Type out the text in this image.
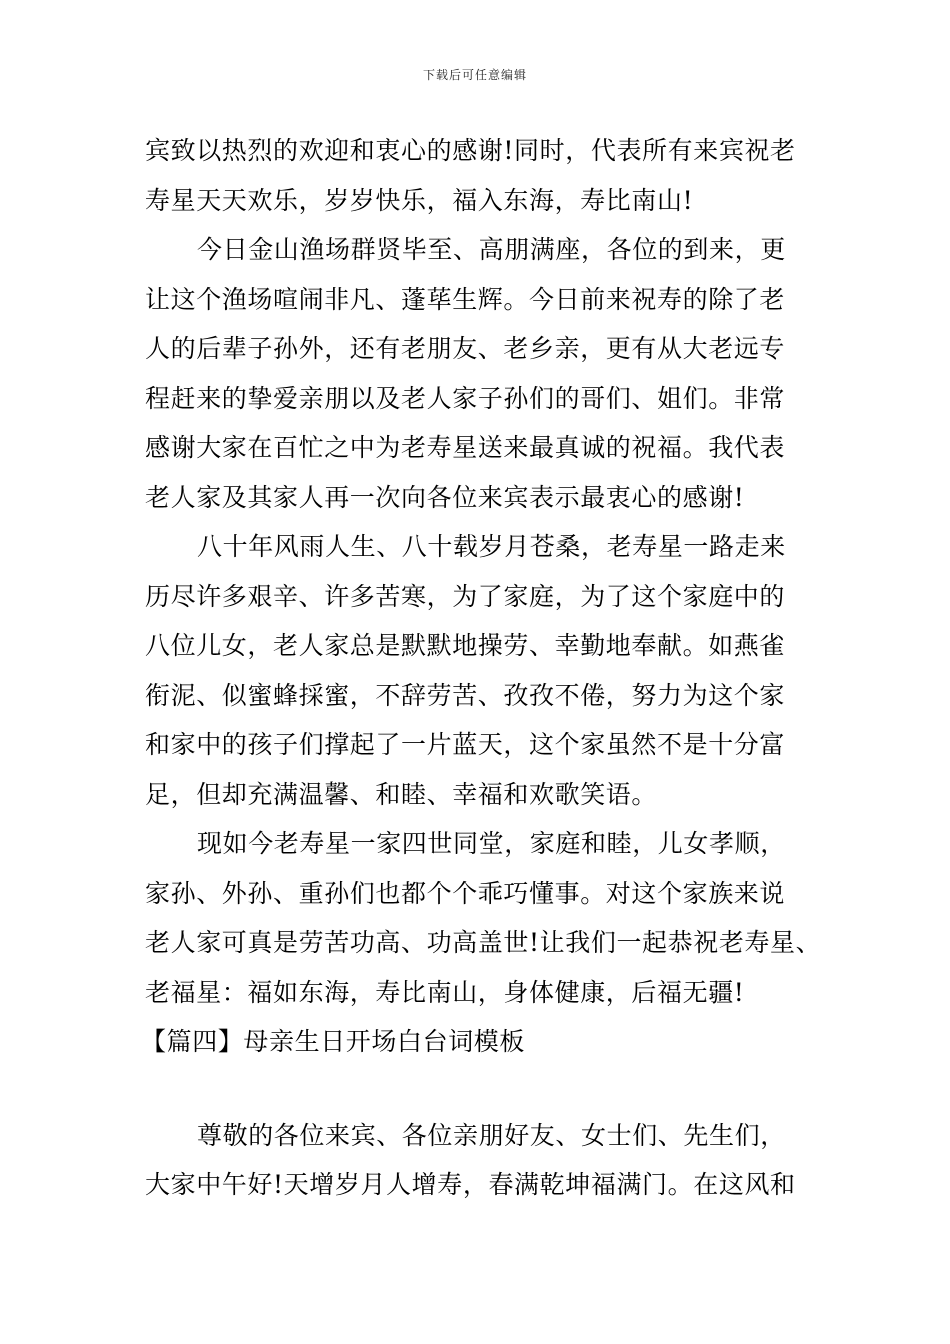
下载后可任意编辑
宾致以热烈的欢迎和衷心的感谢!同时，代表所有来宾祝老
寿星天天欢乐，岁岁快乐，福入东海，寿比南山!
今日金山渔场群贤毕至、高朋满座，各位的到来，更
让这个渔场喧闹非凡、蓬荜生辉。今日前来祝寿的除了老
人的后辈子孙外，还有老朋友、老乡亲，更有从大老远专
程赶来的挚爱亲朋以及老人家子孙们的哥们、姐们。非常
感谢大家在百忙之中为老寿星送来最真诚的祝福。我代表
老人家及其家人再一次向各位来宾表示最衷心的感谢!
八十年风雨人生、八十载岁月苍桑，老寿星一路走来
历尽许多艰辛、许多苦寒，为了家庭，为了这个家庭中的
八位儿女，老人家总是默默地操劳、幸勤地奉献。如燕雀
衔泥、似蜜蜂採蜜，不辞劳苦、孜孜不倦，努力为这个家
和家中的孩子们撑起了一片蓝天，这个家虽然不是十分富
足，但却充满温馨、和睦、幸福和欢歌笑语。
现如今老寿星一家四世同堂，家庭和睦，儿女孝顺，
家孙、外孙、重孙们也都个个乖巧懂事。对这个家族来说
老人家可真是劳苦功高、功高盖世!让我们一起恭祝老寿星、
老福星：福如东海，寿比南山，身体健康，后福无疆!
【篇四】母亲生日开场白台词模板
尊敬的各位来宾、各位亲朋好友、女士们、先生们，
大家中午好!天增岁月人增寿，春满乾坤福满门。在这风和
